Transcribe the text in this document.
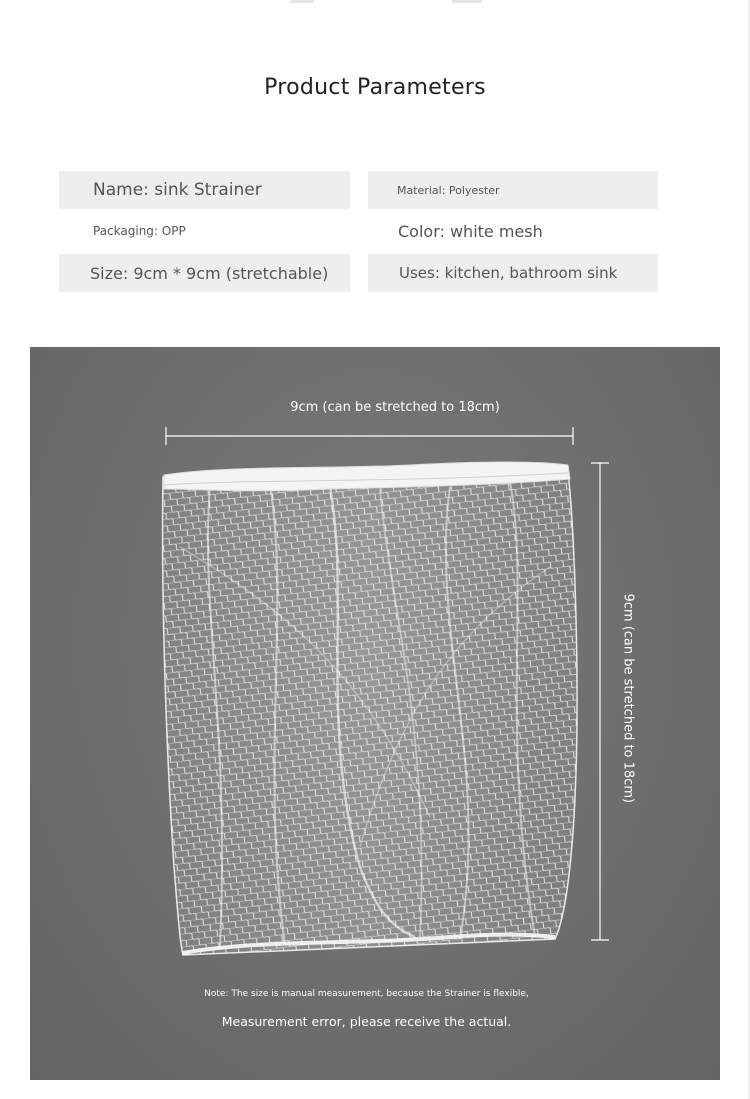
Product Parameters
Name: sink Strainer	Material: Polyester
Packaging: OPP	Color: white mesh
Size: 9cm * 9cm (stretchable)	Uses: kitchen, bathroom sink
9cm (can be stretched to 18cm)
9cm (can be stretched to 18cm)
Note: The size is manual measurement, because the Strainer is flexible,
Measurement error, please receive the actual.
